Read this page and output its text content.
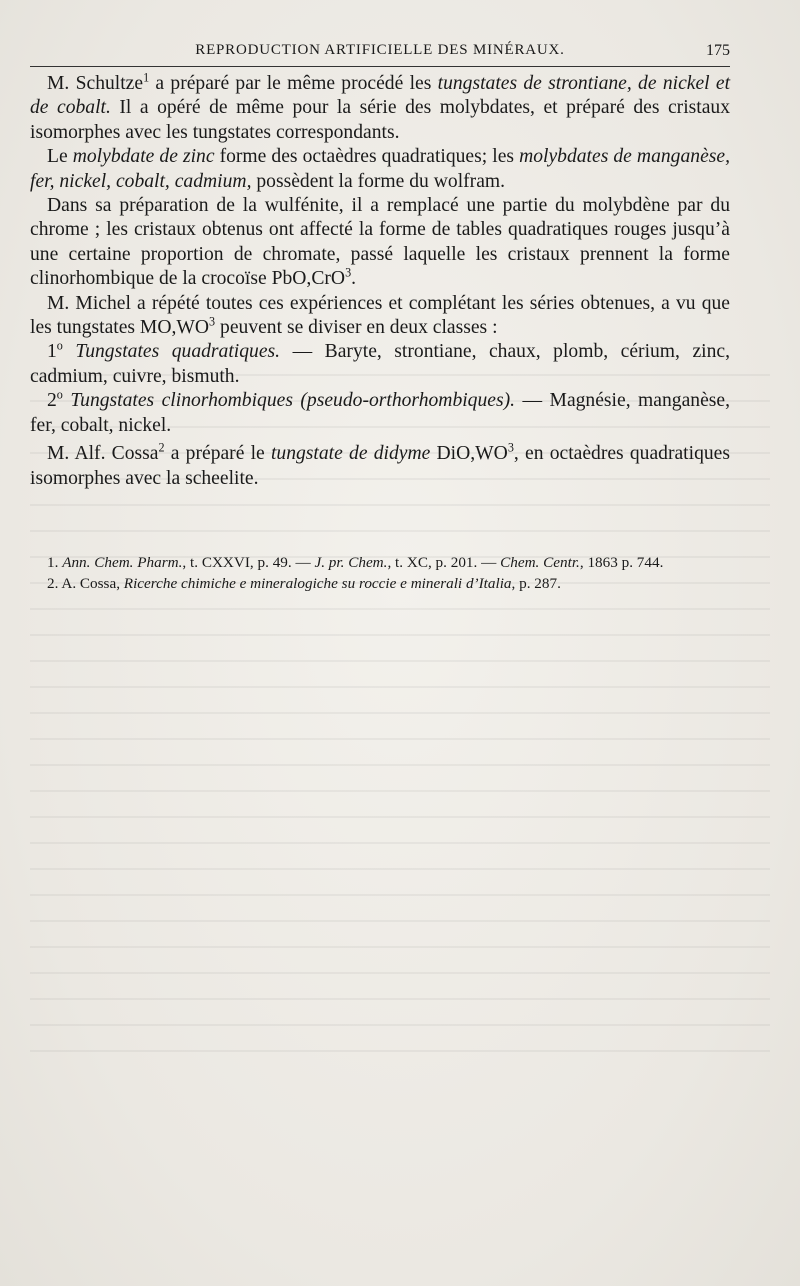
REPRODUCTION ARTIFICIELLE DES MINÉRAUX.	175

M. Schultze$^1$ a préparé par le même procédé les tungstates de strontiane, de nickel et de cobalt. Il a opéré de même pour la série des molybdates, et préparé des cristaux isomorphes avec les tungstates correspondants.

Le molybdate de zinc forme des octaèdres quadratiques; les molybdates de manganèse, fer, nickel, cobalt, cadmium, possèdent la forme du wolfram.

Dans sa préparation de la wulfénite, il a remplacé une partie du molybdène par du chrome ; les cristaux obtenus ont affecté la forme de tables quadratiques rouges jusqu’à une certaine proportion de chromate, passé laquelle les cristaux prennent la forme clinorhombique de la crocoïse PbO,CrO$^3$.

M. Michel a répété toutes ces expériences et complétant les séries obtenues, a vu que les tungstates $MO,WO^3$ peuvent se diviser en deux classes :

1$^o$ Tungstates quadratiques. — Baryte, strontiane, chaux, plomb, cérium, zinc, cadmium, cuivre, bismuth.

2$^o$ Tungstates clinorhombiques (pseudo-orthorhombiques). — Magnésie, manganèse, fer, cobalt, nickel.

M. Alf. Cossa$^2$ a préparé le tungstate de didyme $DiO,WO^3$, en octaèdres quadratiques isomorphes avec la scheelite.

1. Ann. Chem. Pharm., t. CXXVI, p. 49. — J. pr. Chem., t. XC, p. 201. — Chem. Centr., 1863 p. 744.

2. A. Cossa, Ricerche chimiche e mineralogiche su roccie e minerali d’Italia, p. 287.
